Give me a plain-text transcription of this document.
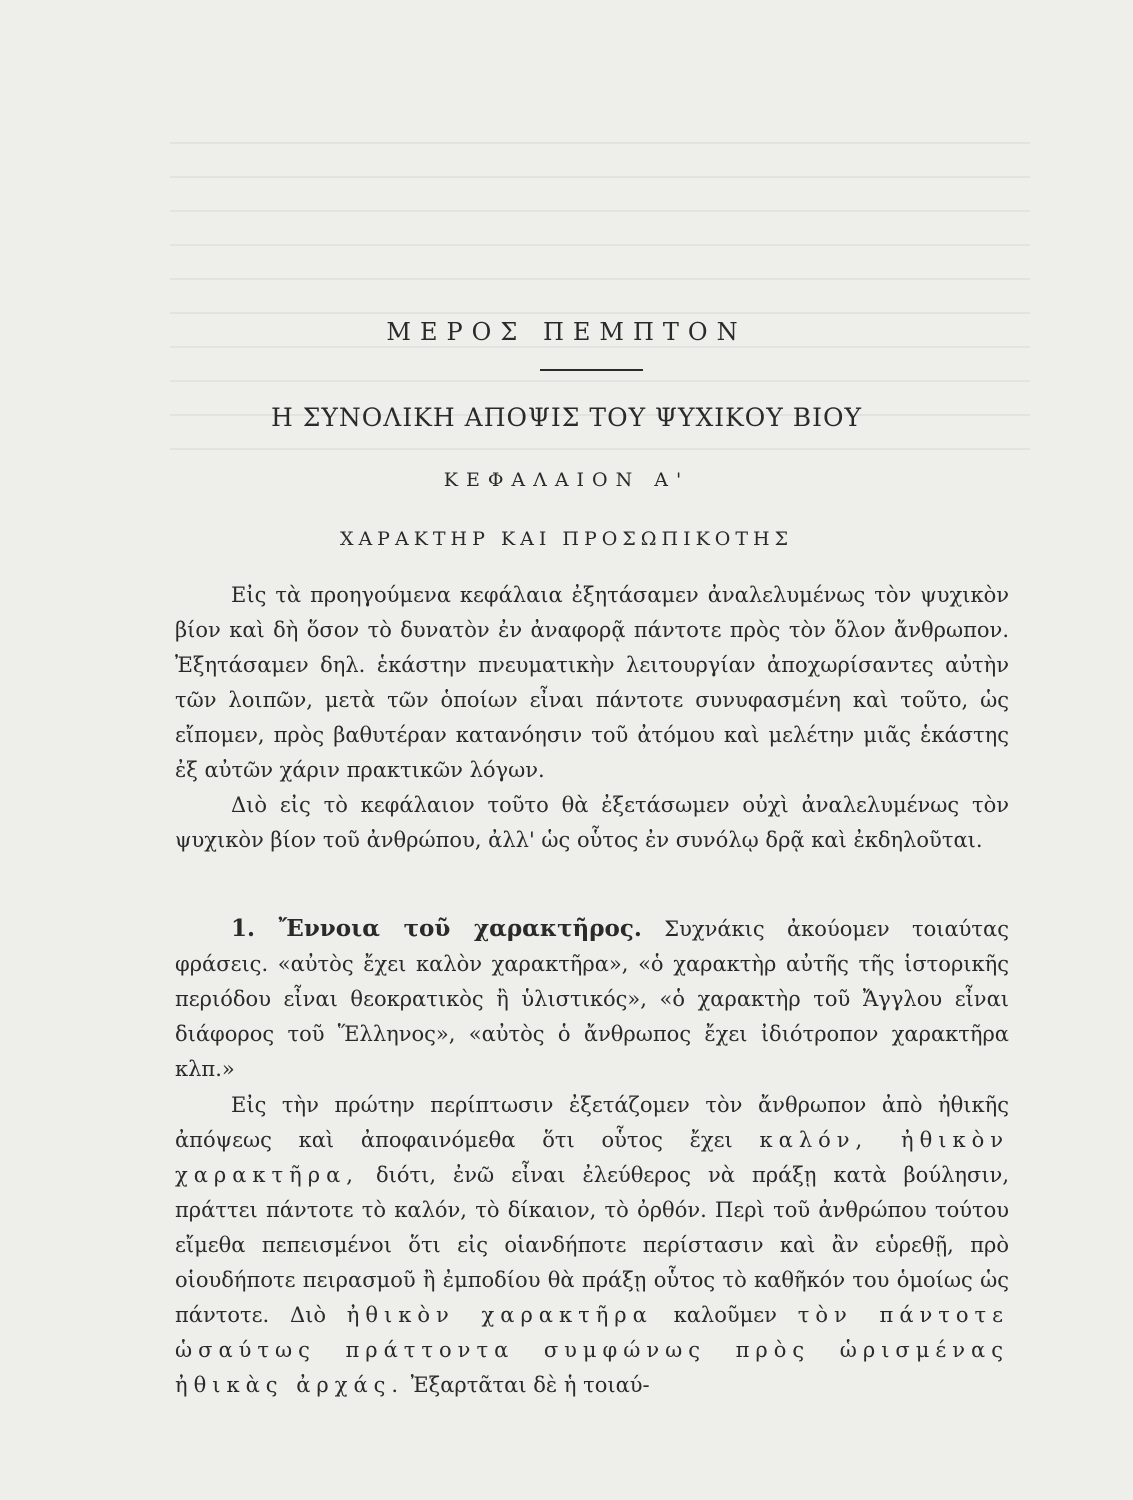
ΜΕΡΟΣ ΠΕΜΠΤΟΝ
Η ΣΥΝΟΛΙΚΗ ΑΠΟΨΙΣ ΤΟΥ ΨΥΧΙΚΟΥ ΒΙΟΥ
ΚΕΦΑΛΑΙΟΝ Α'
ΧΑΡΑΚΤΗΡ ΚΑΙ ΠΡΟΣΩΠΙΚΟΤΗΣ

Εἰς τὰ προηγούμενα κεφάλαια ἐξητάσαμεν ἀναλελυμένως τὸν ψυχικὸν βίον καὶ δὴ ὅσον τὸ δυνατὸν ἐν ἀναφορᾷ πάντοτε πρὸς τὸν ὅλον ἄνθρωπον. Ἐξητάσαμεν δηλ. ἑκάστην πνευματικὴν λειτουργίαν ἀποχωρίσαντες αὐτὴν τῶν λοιπῶν, μετὰ τῶν ὁποίων εἶναι πάντοτε συνυφασμένη καὶ τοῦτο, ὡς εἴπομεν, πρὸς βαθυτέραν κατανόησιν τοῦ ἀτόμου καὶ μελέτην μιᾶς ἑκάστης ἐξ αὐτῶν χάριν πρακτικῶν λόγων.

Διὸ εἰς τὸ κεφάλαιον τοῦτο θὰ ἐξετάσωμεν οὐχὶ ἀναλελυμένως τὸν ψυχικὸν βίον τοῦ ἀνθρώπου, ἀλλ' ὡς οὗτος ἐν συνόλῳ δρᾷ καὶ ἐκδηλοῦται.

1. Ἔννοια τοῦ χαρακτῆρος. Συχνάκις ἀκούομεν τοιαύτας φράσεις. «αὐτὸς ἔχει καλὸν χαρακτῆρα», «ὁ χαρακτὴρ αὐτῆς τῆς ἱστορικῆς περιόδου εἶναι θεοκρατικὸς ἢ ὑλιστικός», «ὁ χαρακτὴρ τοῦ Ἄγγλου εἶναι διάφορος τοῦ Ἕλληνος», «αὐτὸς ὁ ἄνθρωπος ἔχει ἰδιότροπον χαρακτῆρα κλπ.»

Εἰς τὴν πρώτην περίπτωσιν ἐξετάζομεν τὸν ἄνθρωπον ἀπὸ ἠθικῆς ἀπόψεως καὶ ἀποφαινόμεθα ὅτι οὗτος ἔχει καλόν, ἠθικὸν χαρακτῆρα, διότι, ἐνῶ εἶναι ἐλεύθερος νὰ πράξῃ κατὰ βούλησιν, πράττει πάντοτε τὸ καλόν, τὸ δίκαιον, τὸ ὀρθόν. Περὶ τοῦ ἀνθρώπου τούτου εἴμεθα πεπεισμένοι ὅτι εἰς οἱανδήποτε περίστασιν καὶ ἂν εὑρεθῇ, πρὸ οἱουδήποτε πειρασμοῦ ἢ ἐμποδίου θὰ πράξῃ οὗτος τὸ καθῆκόν του ὁμοίως ὡς πάντοτε. Διὸ ἠθικὸν χαρακτῆρα καλοῦμεν τὸν πάντοτε ὡσαύτως πράττοντα συμφώνως πρὸς ὡρισμένας ἠθικὰς ἀρχάς. Ἐξαρτᾶται δὲ ἡ τοιαύ-
